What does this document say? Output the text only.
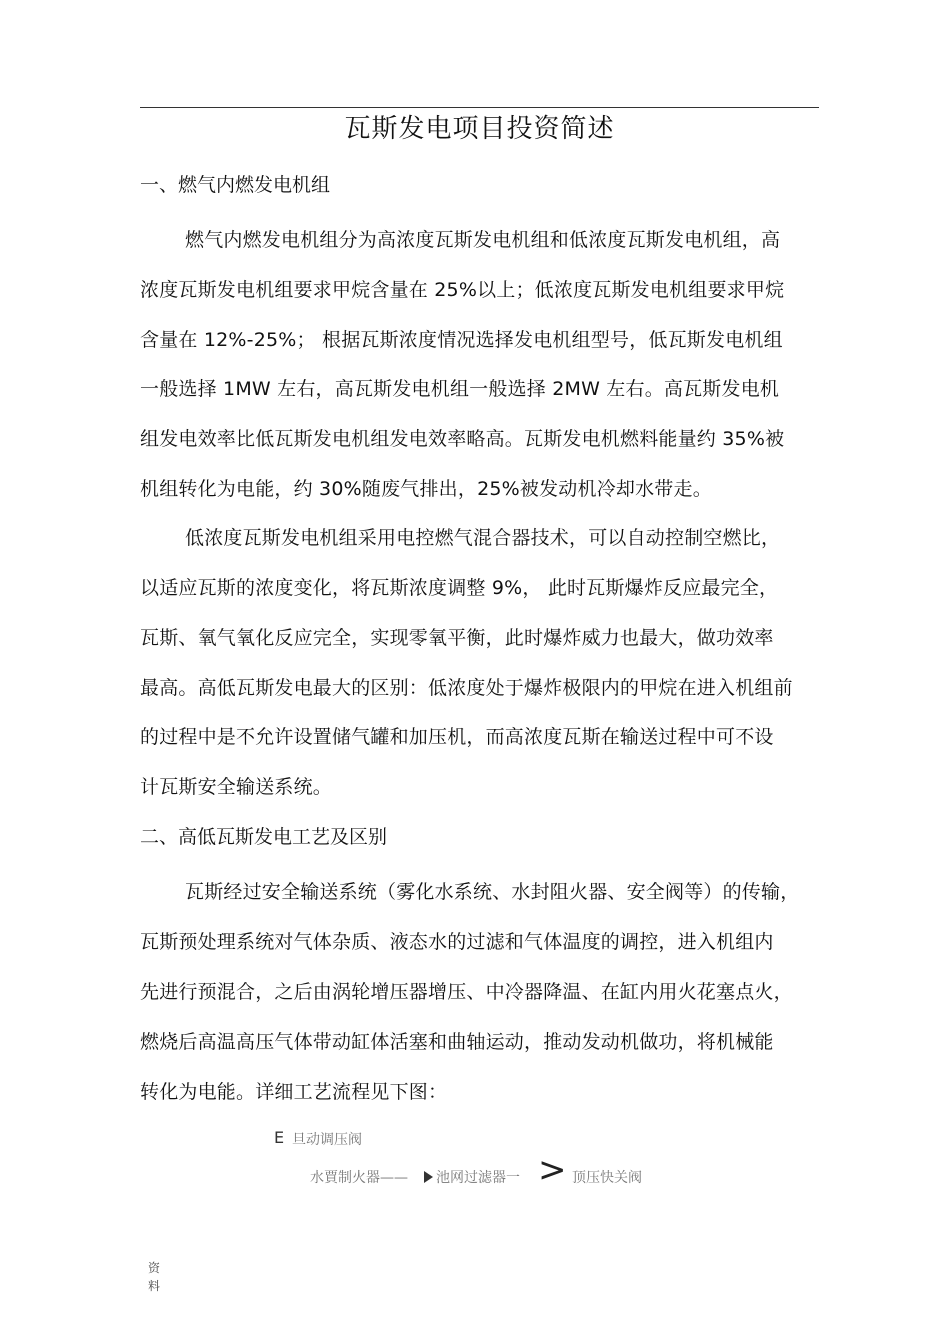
瓦斯发电项目投资简述
一、燃气内燃发电机组
燃气内燃发电机组分为高浓度瓦斯发电机组和低浓度瓦斯发电机组，高
浓度瓦斯发电机组要求甲烷含量在 25%以上；低浓度瓦斯发电机组要求甲烷
含量在 12%-25%； 根据瓦斯浓度情况选择发电机组型号，低瓦斯发电机组
一般选择 1MW 左右，高瓦斯发电机组一般选择 2MW 左右。高瓦斯发电机
组发电效率比低瓦斯发电机组发电效率略高。瓦斯发电机燃料能量约 35%被
机组转化为电能，约 30%随废气排出，25%被发动机冷却水带走。
低浓度瓦斯发电机组采用电控燃气混合器技术，可以自动控制空燃比，
以适应瓦斯的浓度变化，将瓦斯浓度调整 9%， 此时瓦斯爆炸反应最完全，
瓦斯、氧气氧化反应完全，实现零氧平衡，此时爆炸威力也最大，做功效率
最高。高低瓦斯发电最大的区别：低浓度处于爆炸极限内的甲烷在进入机组前
的过程中是不允许设置储气罐和加压机，而高浓度瓦斯在输送过程中可不设
计瓦斯安全输送系统。
二、高低瓦斯发电工艺及区别
瓦斯经过安全输送系统（雾化水系统、水封阻火器、安全阀等）的传输，
瓦斯预处理系统对气体杂质、液态水的过滤和气体温度的调控，进入机组内
先进行预混合，之后由涡轮增压器增压、中冷器降温、在缸内用火花塞点火，
燃烧后高温高压气体带动缸体活塞和曲轴运动，推动发动机做功，将机械能
转化为电能。详细工艺流程见下图：
E 旦动调压阀
水賈制火器—— 池网过滤器一 > 顶压快关阀
资
料
